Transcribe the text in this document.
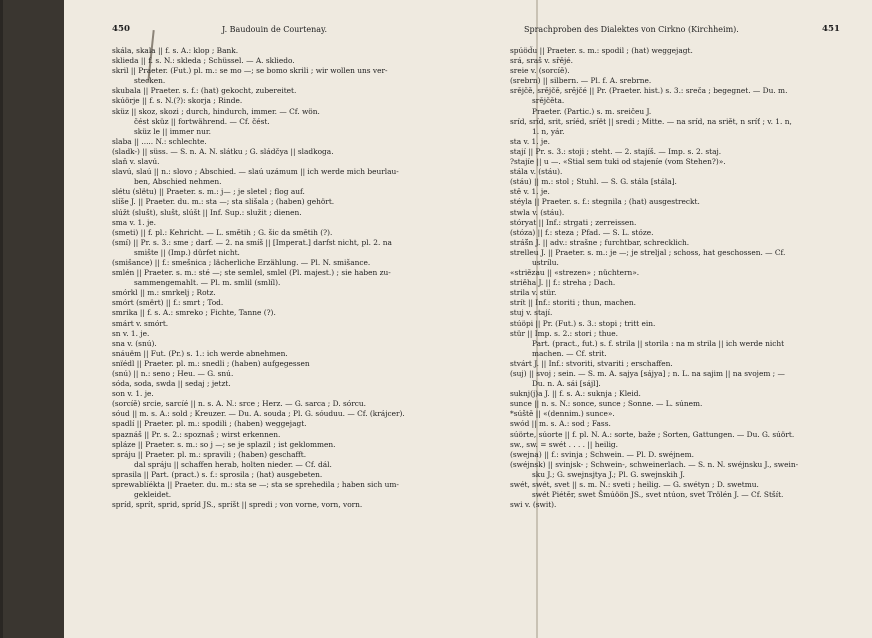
450	J. Baudouin de Courtenay.

skála, skala || f. s. A.: klop ; Bank.

sklieda || f. s. N.: skleda ; Schüssel. — A. skliedo.

skril || Praeter. (Fut.) pl. m.: se mo —; se bomo skrili ; wir wollen uns ver-

stecken.

skubala || Praeter. s. f.: (hat) gekocht, zubereitet.

skúörje || f. s. N.(?): skorja ; Rinde.

sküz || skoz, skozi ; durch, hindurch, immer. — Cf. wön.

čést sküz || fortwährend. — Cf. čést.

sküz le || immer nur.

slaba || ..... N.: schlechte.

(sladk-) || süss. — S. n. A. N. slátku ; G. sládčya || sladkoga.

slaň v. slavú.

slavú, slaú || n.: slovo ; Abschied. — slaú uzámum || ich werde mich beurlau-

ben, Abschied nehmen.

slétu (slëtu) || Praeter. s. m.: j— ; je sletel ; flog auf.

slíše J. || Praeter. du. m.: sta —; sta slišala ; (haben) gehört.

slúžt (slušt), slušt, slúšt || Inf. Sup.: služit ; dienen.

sma v. 1. je.

(smeti) || f. pl.: Kehricht. — L. smětih ; G. šic da smětih (?).

(smí) || Pr. s. 3.: sme ; darf. — 2. na smíš || [Imperat.] darfst nicht, pl. 2. na

smište || (Imp.) dürfet nicht.

(smišance) || f.: smešnica ; lächerliche Erzählung. — Pl. N. smišance.

smlén || Praeter. s. m.: sté —; ste semlel, smlel (Pl. majest.) ; sie haben zu-

sammengemahlt. — Pl. m. smlil (smlíl).

smórkl || m.: smrkelj ; Rotz.

smórt (smërt) || f.: smrt ; Tod.

smrika || f. s. A.: smreko ; Fichte, Tanne (?).

smárt v. smórt.

sn v. 1. je.

sna v. (snú).

snáuëm || Fut. (Pr.) s. 1.: ich werde abnehmen.

snïédl || Praeter. pl. m.: snedli ; (haben) aufgegessen

(snú) || n.: seno ; Heu. — G. snú.

sóda, soda, swda || sedaj ; jetzt.

son v. 1. je.

(sorcíě) srcie, sarcíé || n. s. A. N.: srce ; Herz. — G. sarca ; D. sórcu.

sóud || m. s. A.: sold ; Kreuzer. — Du. A. souda ; Pl. G. sóuduu. — Cf. (krájcer).

spadlí || Praeter. pl. m.: spodili ; (haben) weggejagt.

spaznáš || Pr. s. 2.: spoznaš ; wirst erkennen.

spláze || Praeter. s. m.: so j —; se je splazil ; ist geklommen.

spráju || Praeter. pl. m.: spravili ; (haben) geschafft.

dal spráju || schaffen herab, holten nieder. — Cf. dál.

sprasila || Part. (pract.) s. f.: sprosila ; (hat) ausgebeten.

sprewablíékta || Praeter. du. m.: sta se —; sta se sprehedila ; haben sich um-

gekleidet.

spríd, sprít, sprid, spríd JS., spríšt || spredi ; von vorne, vorn, vorn.

Sprachproben des Dialektes von Cirkno (Kirchheim).	451

spúöd̈u || Praeter. s. m.: spodil ; (hat) weggejagt.

srá, sraš v. sřějé.

sreie v. (sorcíě).

(srebrn) || silbern. — Pl. f. A. srebrne.

srějčě, srějčě, srějčé || Pr. (Praeter. hist.) s. 3.: sreča ; begegnet. — Du. m.

srějčěta.

Praeter. (Partic.) s. m. sreičeu J.

sríd, sríd, srit, sríéd, sríët || sredi ; Mitte. — na sríd, na sriět, n sríť ; v. 1. n,

1. n, yár.

sta v. 1. je.

stají || Pr. s. 3.: stoji ; steht. — 2. stajíš. — Imp. s. 2. staj.

?stajíe || u —. «Stial sem tuki od stajeníe (vom Stehen?)».

stála v. (stáu).

(stáu) || m.: stol ; Stuhl. — S. G. stála [stála].

stě v. 1. je.

stéyla || Praeter. s. f.: stegnila ; (hat) ausgestreckt.

stwla v. (stáu).

stóryat || Inf.: strgati ; zerreissen.

(stóza) || f.: steza ; Pfad. — S. L. stóze.

stráš̈n J. || adv.: strašne ; furchtbar, schrecklich.

strelleu J. || Praeter. s. m.: je —; je streljal ; schoss, hat geschossen. — Cf.

ustrílu.

«striězau || «strezen» ; nüchtern».

striěha J. || f.: streha ; Dach.

strila v. stür.

strít || Inf.: storiti ; thun, machen.

stuj v. stají.

stúöpi || Pr. (Fut.) s. 3.: stopi ; tritt ein.

stür || Imp. s. 2.: stori ; thue.

Part. (pract., fut.) s. f. strila || storila : na m strila || ich werde nicht

machen. — Cf. strit.

stvárt J. || Inf.: stvoriti, stvariti ; erschaffen.

(suj) || svoj ; sein. — S. m. A. sajya [sájya] ; n. L. na sajim || na svojem ; —

Du. n. A. sái [sájl].

suknj(j)a J. || f. s. A.: suknja ; Kleid.

sunce || n. s. N.: sonce, sunce ; Sonne. — L. súnem.

*súště || «(dennim.) sunce».

swód || m. s. A.: sod ; Fass.

súörte, súorte || f. pl. N. A.: sorte, baže ; Sorten, Gattungen. — Du. G. súört.

sw., sw. = swét . . . . || heilig.

(swejna) || f.: svinja ; Schwein. — Pl. D. swéjnem.

(swéjnsk) || svinjsk- ; Schwein-, schweinerlach. — S. n. N. swéjnsku J., swein-

sku J.; G. swejnsjtya J.; Pl. G. swejnskih J.

swét, swét, svet || s. m. N.: sveti ; heilig. — G. swétyn ; D. swetmu.

swét Piétěr, swet Šmúöön JS., svet ntúon, svet Trölén J. — Cf. Stšít.

swi v. (swit).
